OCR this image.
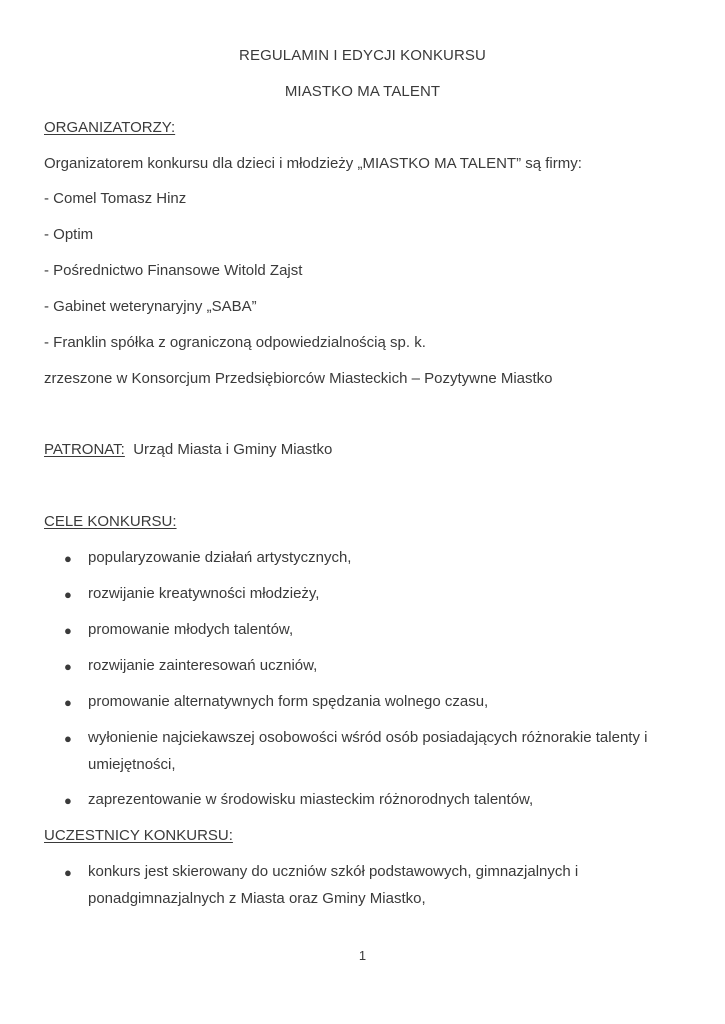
REGULAMIN I EDYCJI KONKURSU
MIASTKO MA TALENT
ORGANIZATORZY:
Organizatorem konkursu dla dzieci i młodzieży „MIASTKO MA TALENT” są firmy:
- Comel Tomasz Hinz
- Optim
- Pośrednictwo Finansowe Witold Zajst
- Gabinet weterynaryjny „SABA”
- Franklin spółka z ograniczoną odpowiedzialnością sp. k.
zrzeszone w Konsorcjum Przedsiębiorców Miasteckich – Pozytywne Miastko
PATRONAT: Urząd Miasta i Gminy Miastko
CELE KONKURSU:
● popularyzowanie działań artystycznych,
● rozwijanie kreatywności młodzieży,
● promowanie młodych talentów,
● rozwijanie zainteresowań uczniów,
● promowanie alternatywnych form spędzania wolnego czasu,
● wyłonienie najciekawszej osobowości wśród osób posiadających różnorakie talenty i
umiejętności,
● zaprezentowanie w środowisku miasteckim różnorodnych talentów,
UCZESTNICY KONKURSU:
● konkurs jest skierowany do uczniów szkół podstawowych, gimnazjalnych i
ponadgimnazjalnych z Miasta oraz Gminy Miastko,
1
